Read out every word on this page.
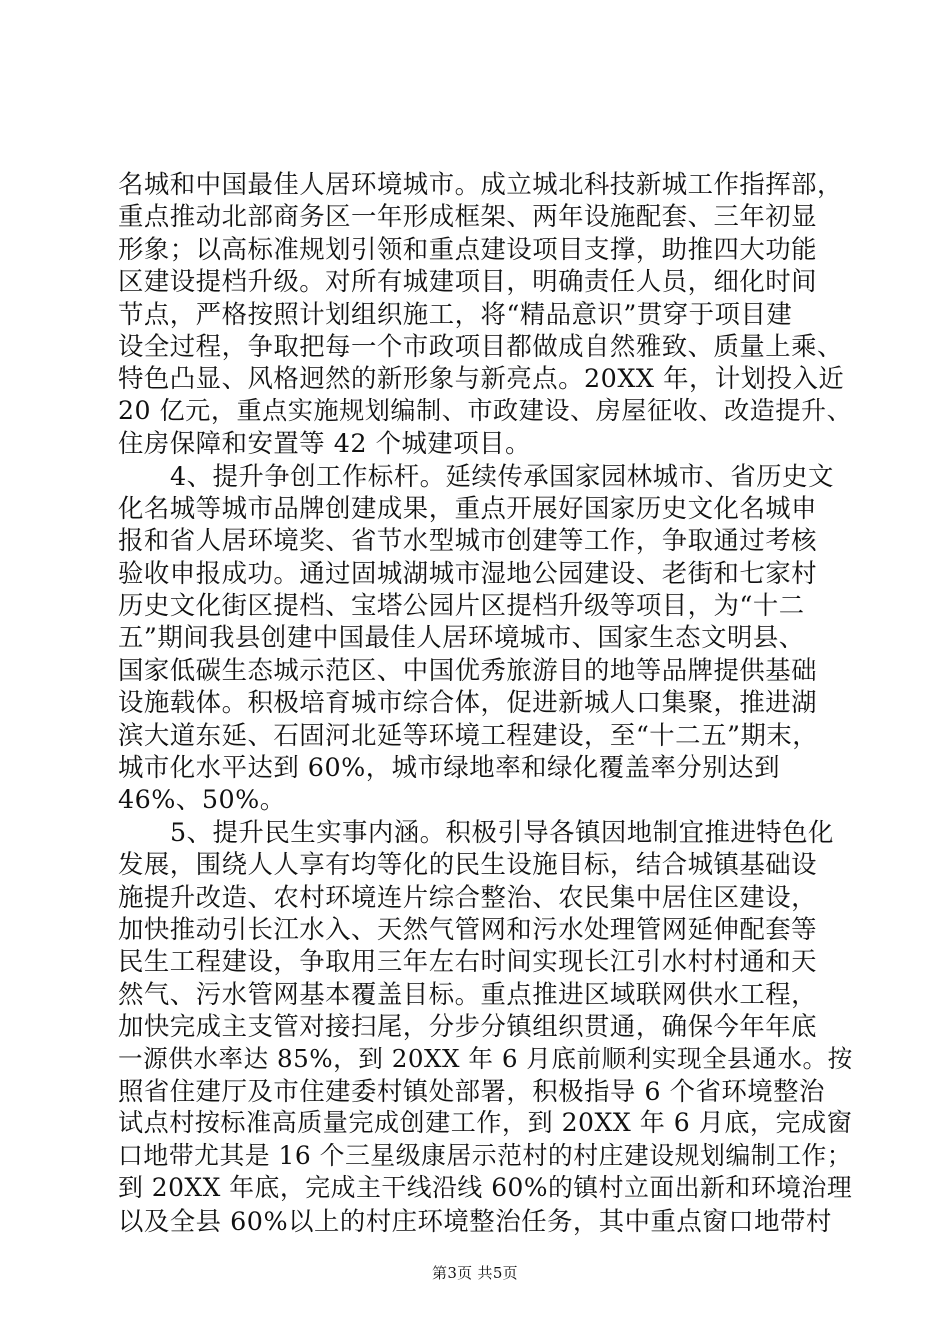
名城和中国最佳人居环境城市。成立城北科技新城工作指挥部，
重点推动北部商务区一年形成框架、两年设施配套、三年初显
形象；以高标准规划引领和重点建设项目支撑，助推四大功能
区建设提档升级。对所有城建项目，明确责任人员，细化时间
节点，严格按照计划组织施工，将“精品意识”贯穿于项目建
设全过程，争取把每一个市政项目都做成自然雅致、质量上乘、
特色凸显、风格迥然的新形象与新亮点。20XX 年，计划投入近
20 亿元，重点实施规划编制、市政建设、房屋征收、改造提升、
住房保障和安置等 42 个城建项目。
4、提升争创工作标杆。延续传承国家园林城市、省历史文
化名城等城市品牌创建成果，重点开展好国家历史文化名城申
报和省人居环境奖、省节水型城市创建等工作，争取通过考核
验收申报成功。通过固城湖城市湿地公园建设、老街和七家村
历史文化街区提档、宝塔公园片区提档升级等项目，为“十二
五”期间我县创建中国最佳人居环境城市、国家生态文明县、
国家低碳生态城示范区、中国优秀旅游目的地等品牌提供基础
设施载体。积极培育城市综合体，促进新城人口集聚，推进湖
滨大道东延、石固河北延等环境工程建设，至“十二五”期末，
城市化水平达到 60%，城市绿地率和绿化覆盖率分别达到
46%、50%。
5、提升民生实事内涵。积极引导各镇因地制宜推进特色化
发展，围绕人人享有均等化的民生设施目标，结合城镇基础设
施提升改造、农村环境连片综合整治、农民集中居住区建设，
加快推动引长江水入、天然气管网和污水处理管网延伸配套等
民生工程建设，争取用三年左右时间实现长江引水村村通和天
然气、污水管网基本覆盖目标。重点推进区域联网供水工程，
加快完成主支管对接扫尾，分步分镇组织贯通，确保今年年底
一源供水率达 85%，到 20XX 年 6 月底前顺利实现全县通水。按
照省住建厅及市住建委村镇处部署，积极指导 6 个省环境整治
试点村按标准高质量完成创建工作，到 20XX 年 6 月底，完成窗
口地带尤其是 16 个三星级康居示范村的村庄建设规划编制工作；
到 20XX 年底，完成主干线沿线 60%的镇村立面出新和环境治理
以及全县 60%以上的村庄环境整治任务，其中重点窗口地带村
第3页 共5页
